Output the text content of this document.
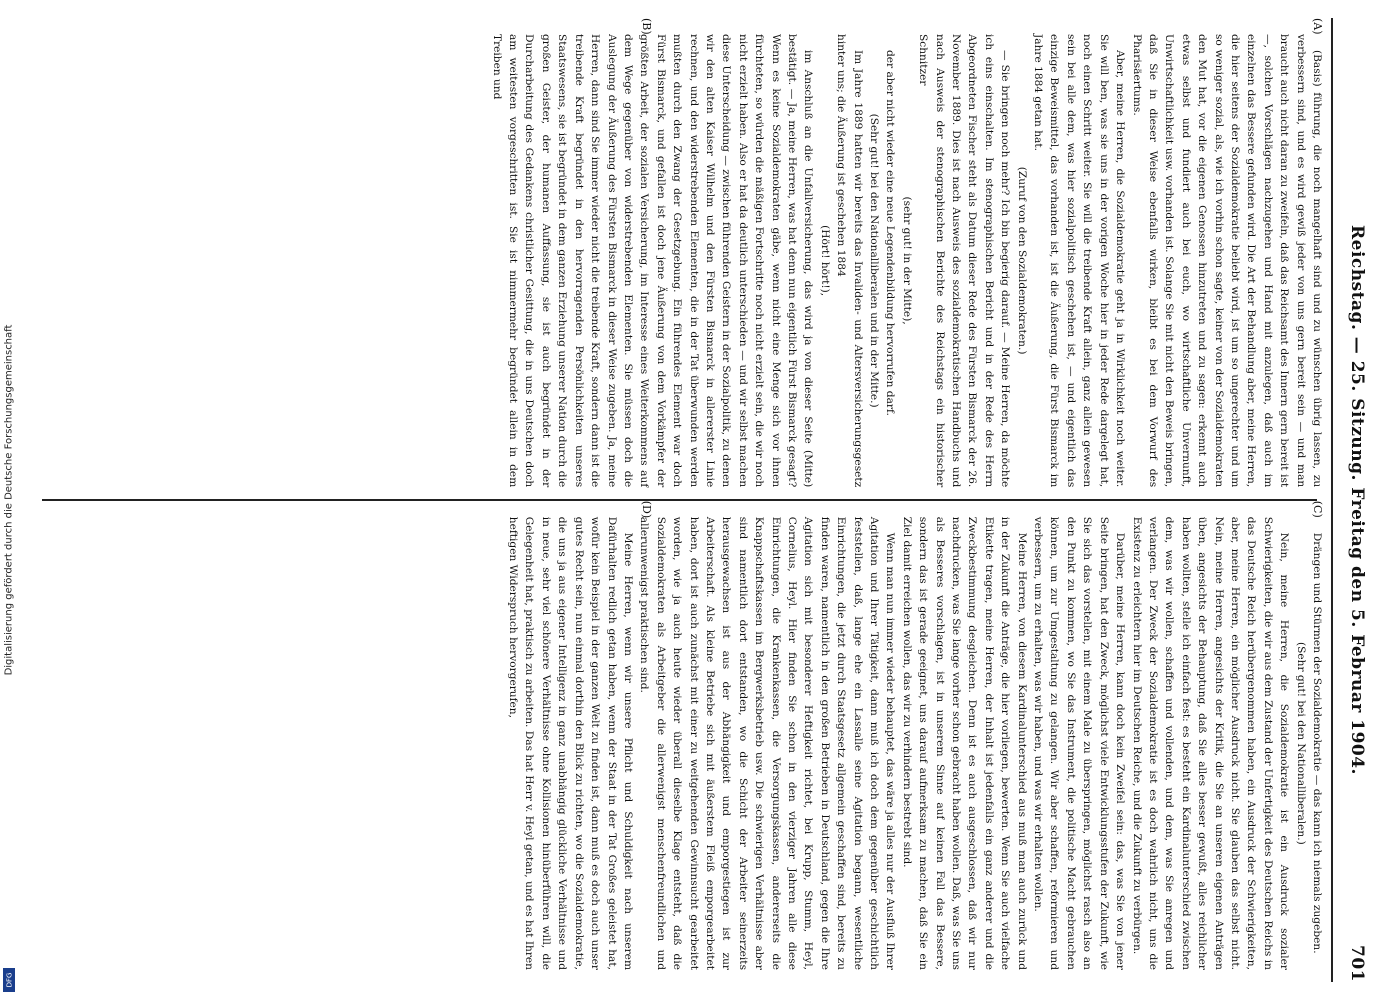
Digitalisierung gefördert durch die Deutsche Forschungsgemeinschaft
DFG
Reichstag. — 25. Sitzung. Freitag den 5. Februar 1904.
701
(A)
(B)

(Basis) führung, die noch mangelhaft sind und zu wünschen übrig lassen, zu verbessern sind, und es wird gewiß jeder von uns gern bereit sein — und man braucht auch nicht daran zu zweifeln, daß das Reichsamt des Innern gern bereit ist —, solchen Vorschlägen nachzugehen und Hand mit anzulegen, daß auch im einzelnen das Bessere gefunden wird. Die Art der Behandlung aber, meine Herren, die hier seitens der Sozialdemokratie beliebt wird, ist um so ungerechter und um so weniger sozial, als, wie ich vorhin schon sagte, keiner von der Sozialdemokraten den Mut hat, vor die eigenen Genossen hinzutreten und zu sagen: erkennt auch etwas selbst und fundiert auch bei euch, wo wirtschaftliche Unvernunft, Unwirtschaftlichkeit usw. vorhanden ist. Solange Sie mit nicht den Beweis bringen, daß Sie in dieser Weise ebenfalls wirken, bleibt es bei dem Vorwurf des Pharisäertums.

Aber, meine Herren, die Sozialdemokratie geht ja in Wirklichkeit noch weiter. Sie will ben, was sie uns in der vorigen Woche hier in jeder Rede dargelegt hat, noch einen Schritt weiter. Sie will die treibende Kraft allein, ganz allein gewesen sein bei alle dem, was hier sozialpolitisch geschehen ist, — und eigentlich das einzige Beweismittel, das vorhanden ist, ist die Äußerung, die Fürst Bismarck im Jahre 1884 getan hat.

(Zuruf von den Sozialdemokraten.)

— Sie bringen noch mehr? Ich bin begierig darauf. — Meine Herren, da möchte ich eins einschalten. Im stenographischen Bericht und in der Rede des Herrn Abgeordneten Fischer steht als Datum dieser Rede des Fürsten Bismarck der 26. November 1889. Dies ist nach Ausweis des sozialdemokratischen Handbuchs und nach Ausweis der stenographischen Berichte des Reichstags ein historischer Schnitzer

(sehr gut! in der Mitte),

der aber nicht wieder eine neue Legendenbildung hervorrufen darf.

(Sehr gut! bei den Nationalliberalen und in der Mitte.)

Im Jahre 1889 hatten wir bereits das Invaliden- und Altersversicherungsgesetz hinter uns; die Äußerung ist geschehen 1884

(Hört! hört!),

im Anschluß an die Unfallversicherung, das wird ja von dieser Seite (Mitte) bestätigt. — Ja, meine Herren, was hat denn nun eigentlich Fürst Bismarck gesagt? Wenn es keine Sozialdemokraten gäbe, wenn nicht eine Menge sich vor ihnen fürchteten, so würden die mäßigen Fortschritte noch nicht erzielt sein, die wir noch nicht erzielt haben. Also er hat da deutlich unterschieden — und wir selbst machen diese Unterscheidung — zwischen führenden Geistern in der Sozialpolitik, zu denen wir den alten Kaiser Wilhelm und den Fürsten Bismarck in allererster Linie rechnen, und den widerstrebenden Elementen, die in der Tat überwunden werden mußten durch den Zwang der Gesetzgebung. Ein führendes Element war doch Fürst Bismarck, und gefallen ist doch jene Äußerung von dem Vorkämpfer der größten Arbeit, der sozialen Versicherung, im Interesse eines Weiterkommens auf dem Wege gegenüber von widerstrebenden Elementen. Sie müssen doch die Auslegung der Äußerung des Fürsten Bismarck in dieser Weise zugeben. Ja, meine Herren, dann sind Sie immer wieder nicht die treibende Kraft, sondern dann ist die treibende Kraft begründet in den hervorragenden Persönlichkeiten unseres Staatswesens, sie ist begründet in dem ganzen Erziehung unserer Nation durch die großen Geister, der humanen Auffassung, sie ist auch begründet in der Durcharbeitung des Gedankens christlicher Gesittung, die in uns Deutschen doch am weitesten vorgeschritten ist. Sie ist nimmermehr begründet allein in dem Treiben und

(C)
(D)

Drängen und Stürmen der Sozialdemokratie — das kann ich niemals zugeben.

(Sehr gut! bei den Nationalliberalen.)

Nein, meine Herren, die Sozialdemokratie ist ein Ausdruck sozialer Schwierigkeiten, die wir aus dem Zustand der Unfertigkeit des Deutschen Reichs in das Deutsche Reich herübergenommen haben, ein Ausdruck der Schwierigkeiten, aber, meine Herren, ein möglicher Ausdruck nicht. Sie glauben das selbst nicht. Nein, meine Herren, angesichts der Kritik, die Sie an unseren eigenen Anträgen üben, angesichts der Behauptung, daß Sie alles besser gewußt, alles reichlicher haben wollten, stelle ich einfach fest: es besteht ein Kardinalunterschied zwischen dem, was wir wollen, schaffen und vollenden, und dem, was Sie anregen und verlangen. Der Zweck der Sozialdemokratie ist es doch wahrlich nicht, uns die Existenz zu erleichtern hier im Deutschen Reiche, und die Zukunft zu verbürgen.

Darüber, meine Herren, kann doch kein Zweifel sein: das, was Sie von jener Seite bringen, hat den Zweck, möglichst viele Entwicklungsstufen der Zukunft, wie Sie sich das vorstellen, mit einem Male zu überspringen, möglichst rasch also an den Punkt zu kommen, wo Sie das Instrument, die politische Macht gebrauchen können, um zur Umgestaltung zu gelangen. Wir aber schaffen, reformieren und verbessern, um zu erhalten, was wir haben, und was wir erhalten wollen.

Meine Herren, von diesem Kardinalunterschied aus muß man auch zurück und in der Zukunft die Anträge, die hier vorliegen, bewerten. Wenn Sie auch vielfache Etikette tragen, meine Herren, der Inhalt ist jedenfalls ein ganz anderer und die Zweckbestimmung desgleichen. Denn ist es auch ausgeschlossen, daß wir nur nachdrucken, was Sie lange vorher schon gebracht haben wollen. Daß, was Sie uns als Besseres vorschlagen, ist in unserem Sinne auf keinen Fall das Bessere, sondern das ist gerade geeignet, uns darauf aufmerksam zu machen, daß Sie ein Ziel damit erreichen wollen, das wir zu verhindern bestrebt sind.

Wenn man nun immer wieder behauptet, das wäre ja alles nur der Ausfluß Ihrer Agitation und Ihrer Tätigkeit, dann muß ich doch dem gegenüber geschichtlich feststellen, daß, lange ehe ein Lassalle seine Agitation begann, wesentliche Einrichtungen, die jetzt durch Staatsgesetz allgemein geschaffen sind, bereits zu finden waren, namentlich in den großen Betrieben in Deutschland, gegen die Ihre Agitation sich mit besonderer Heftigkeit richtet, bei Krupp, Stumm, Heyl, Cornelius, Heyl. Hier finden Sie schon in den vierziger Jahren alle diese Einrichtungen, die Krankenkassen, die Versorgungskassen, andererseits die Knappschaftskassen im Bergwerksbetrieb usw. Die schwierigen Verhältnisse aber sind namentlich dort entstanden, wo die Schicht der Arbeiter seinerzeits herausgewachsen ist aus der Abhängigkeit und emporgestiegen ist zur Arbeiterschaft. Als kleine Betriebe sich mit äußerstem Fleiß emporgearbeitet haben, dort ist auch zunächst mit einer zu weitgehenden Gewinnsucht gearbeitet worden, wie ja auch heute wieder überall dieselbe Klage entsteht, daß die Sozialdemokraten als Arbeitgeber die allerwenigst menschenfreundlichen und allerunwenigst praktischen sind.

Meine Herren, wenn wir unsere Pflicht und Schuldigkeit nach unserem Dafürhalten redlich getan haben, wenn der Staat in der Tat Großes geleistet hat, wofür kein Beispiel in der ganzen Welt zu finden ist, dann muß es doch auch unser gutes Recht sein, nun einmal dorthin den Blick zu richten, wo die Sozialdemokratie, die uns ja aus eigener Intelligenz in ganz unabhängig glückliche Verhältnisse und in neue, sehr viel schönere Verhältnisse ohne Kollisionen hinüberführen will, die Gelegenheit hat, praktisch zu arbeiten. Das hat Herr v. Heyl getan, und es hat Ihren heftigen Widerspruch hervorgerufen,
